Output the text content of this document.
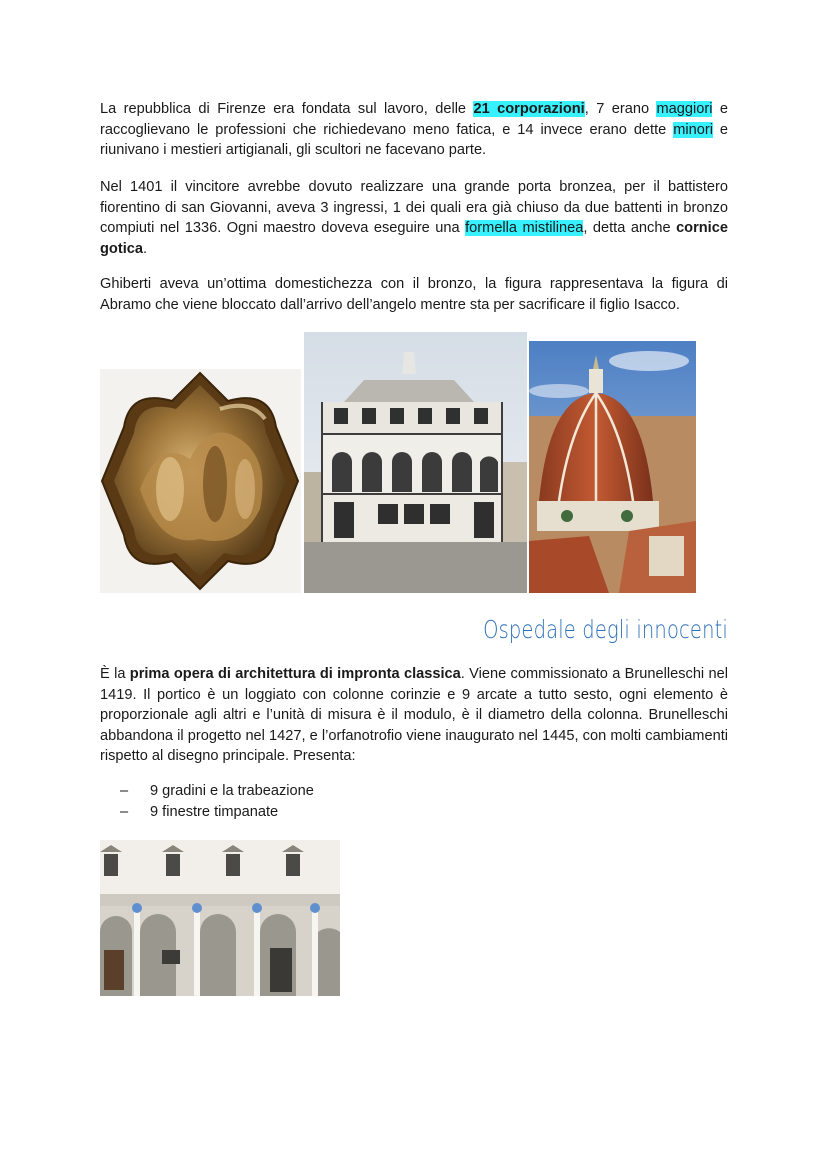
La repubblica di Firenze era fondata sul lavoro, delle 21 corporazioni, 7 erano maggiori e raccoglievano le professioni che richiedevano meno fatica, e 14 invece erano dette minori e riunivano i mestieri artigianali, gli scultori ne facevano parte.

Nel 1401 il vincitore avrebbe dovuto realizzare una grande porta bronzea, per il battistero fiorentino di san Giovanni, aveva 3 ingressi, 1 dei quali era già chiuso da due battenti in bronzo compiuti nel 1336. Ogni maestro doveva eseguire una formella mistilinea, detta anche cornice gotica.

Ghiberti aveva un’ottima domestichezza con il bronzo, la figura rappresentava la figura di Abramo che viene bloccato dall’arrivo dell’angelo mentre sta per sacrificare il figlio Isacco.

Ospedale degli innocenti

È la prima opera di architettura di impronta classica. Viene commissionato a Brunelleschi nel 1419. Il portico è un loggiato con colonne corinzie e 9 arcate a tutto sesto, ogni elemento è proporzionale agli altri e l’unità di misura è il modulo, è il diametro della colonna. Brunelleschi abbandona il progetto nel 1427, e l’orfanotrofio viene inaugurato nel 1445, con molti cambiamenti rispetto al disegno principale. Presenta:

–	9 gradini e la trabeazione
–	9 finestre timpanate
